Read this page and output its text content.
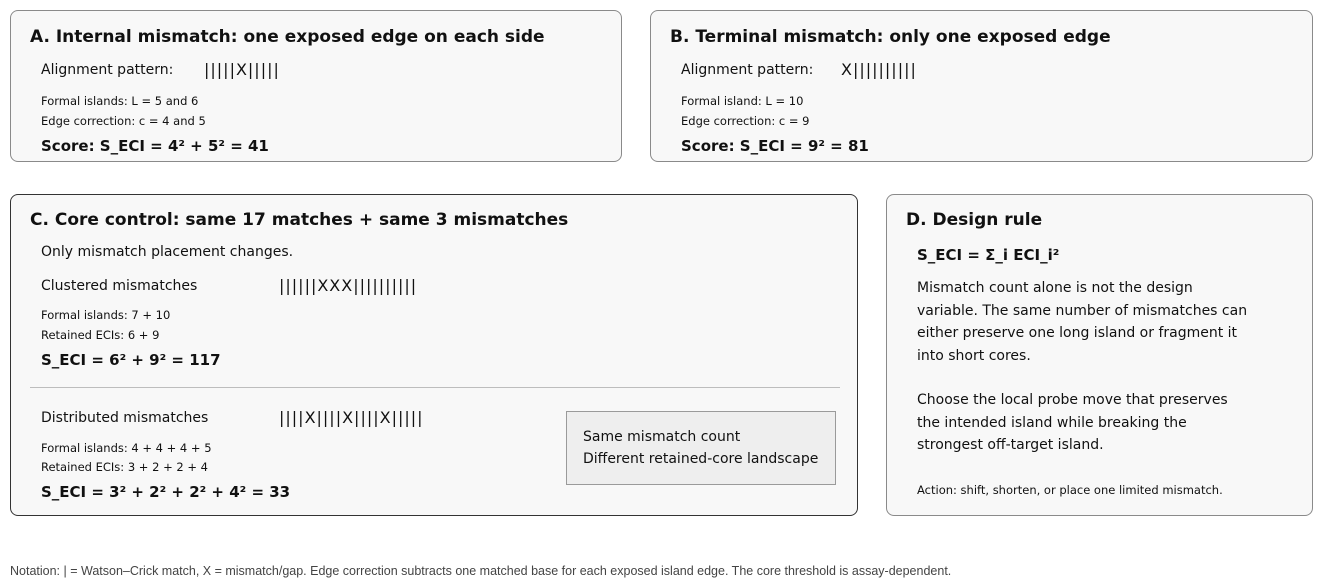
A. Internal mismatch: one exposed edge on each side
Alignment pattern: |||||X|||||
Formal islands: L = 5 and 6
Edge correction: c = 4 and 5
Score: S_ECI = 4² + 5² = 41
B. Terminal mismatch: only one exposed edge
Alignment pattern: X||||||||||
Formal island: L = 10
Edge correction: c = 9
Score: S_ECI = 9² = 81
C. Core control: same 17 matches + same 3 mismatches
Only mismatch placement changes.
Clustered mismatches	||||||XXX||||||||||
Formal islands: 7 + 10
Retained ECIs: 6 + 9
S_ECI = 6² + 9² = 117
Distributed mismatches	||||X||||X||||X|||||
Formal islands: 4 + 4 + 4 + 5
Retained ECIs: 3 + 2 + 2 + 4
S_ECI = 3² + 2² + 2² + 4² = 33
Same mismatch count
Different retained-core landscape
D. Design rule
S_ECI = Σ_i ECI_i²
Mismatch count alone is not the design
variable. The same number of mismatches can
either preserve one long island or fragment it
into short cores.
Choose the local probe move that preserves
the intended island while breaking the
strongest off-target island.
Action: shift, shorten, or place one limited mismatch.
Notation: | = Watson–Crick match, X = mismatch/gap. Edge correction subtracts one matched base for each exposed island edge. The core threshold is assay-dependent.
